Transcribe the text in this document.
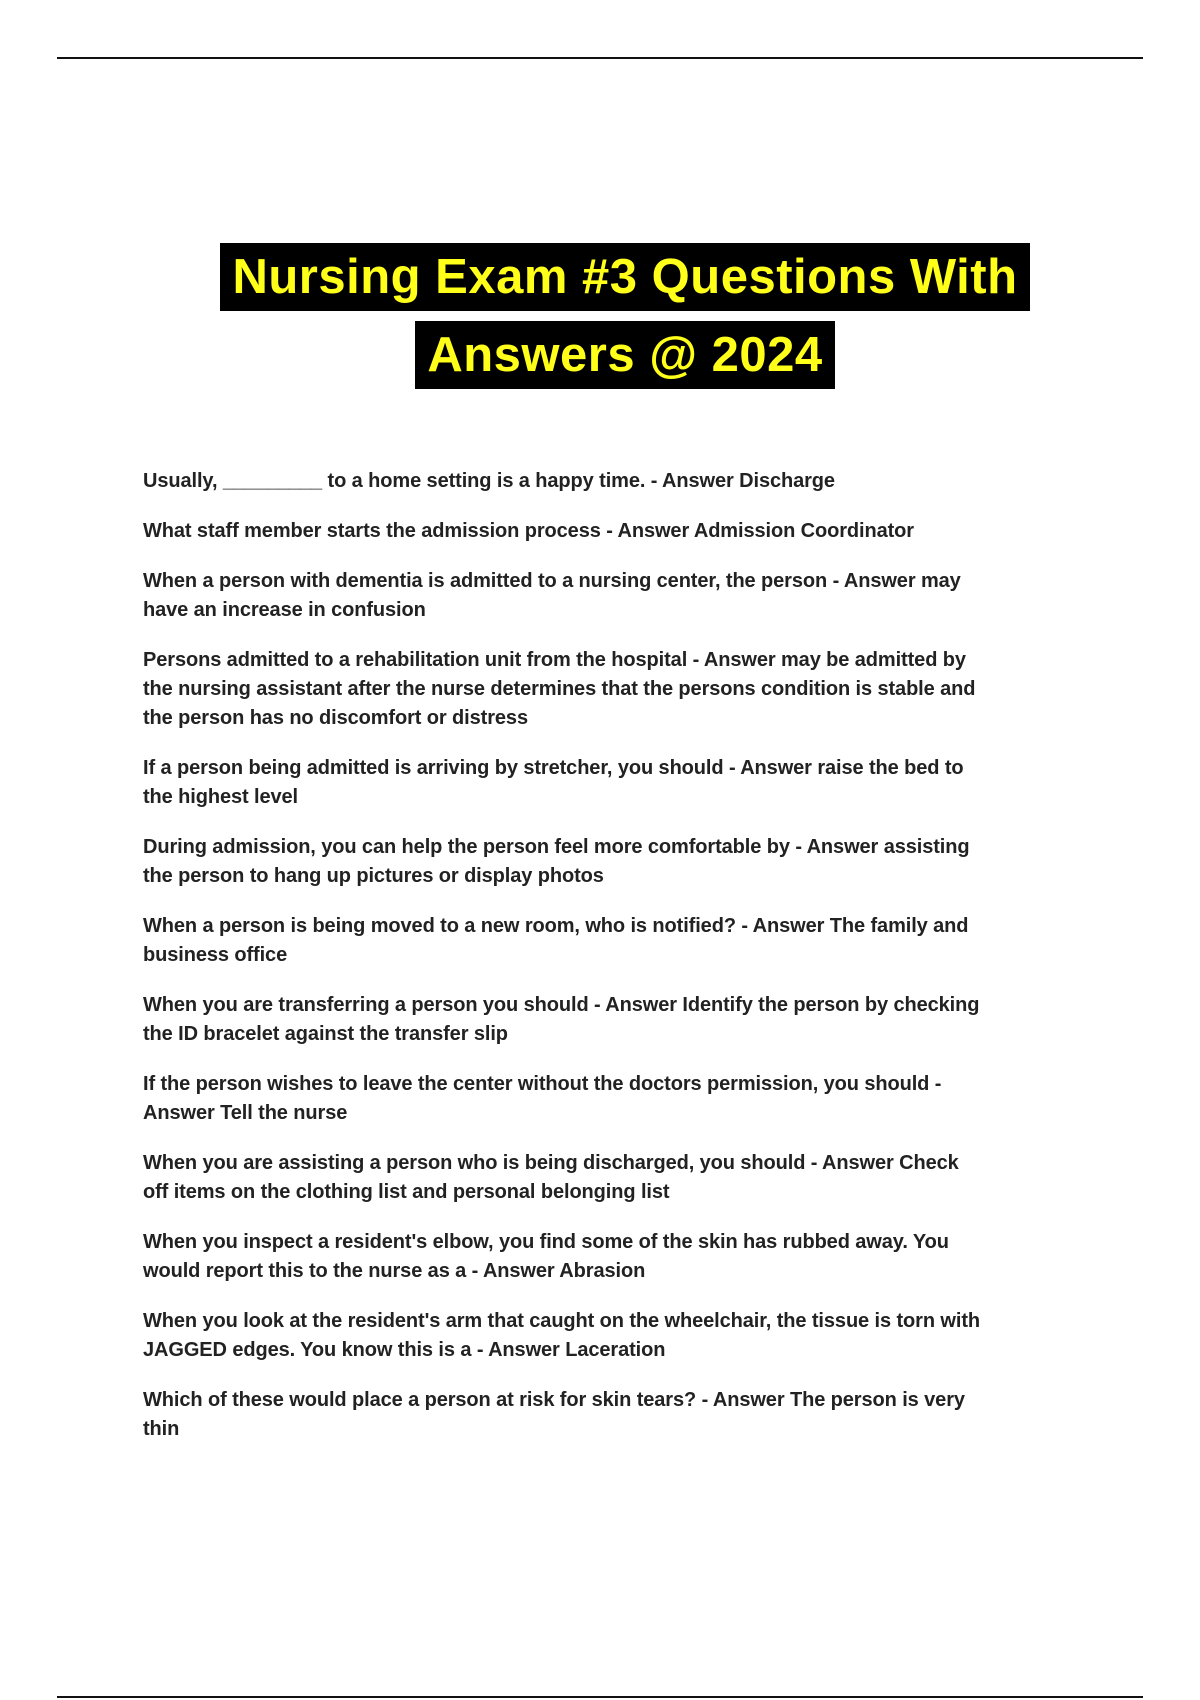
Nursing Exam #3 Questions With
Answers @ 2024
Usually, _________ to a home setting is a happy time. - Answer Discharge
What staff member starts the admission process - Answer Admission Coordinator
When a person with dementia is admitted to a nursing center, the person - Answer may
have an increase in confusion
Persons admitted to a rehabilitation unit from the hospital - Answer may be admitted by
the nursing assistant after the nurse determines that the persons condition is stable and
the person has no discomfort or distress
If a person being admitted is arriving by stretcher, you should - Answer raise the bed to
the highest level
During admission, you can help the person feel more comfortable by - Answer assisting
the person to hang up pictures or display photos
When a person is being moved to a new room, who is notified? - Answer The family and
business office
When you are transferring a person you should - Answer Identify the person by checking
the ID bracelet against the transfer slip
If the person wishes to leave the center without the doctors permission, you should -
Answer Tell the nurse
When you are assisting a person who is being discharged, you should - Answer Check
off items on the clothing list and personal belonging list
When you inspect a resident's elbow, you find some of the skin has rubbed away. You
would report this to the nurse as a - Answer Abrasion
When you look at the resident's arm that caught on the wheelchair, the tissue is torn with
JAGGED edges. You know this is a - Answer Laceration
Which of these would place a person at risk for skin tears? - Answer The person is very
thin
